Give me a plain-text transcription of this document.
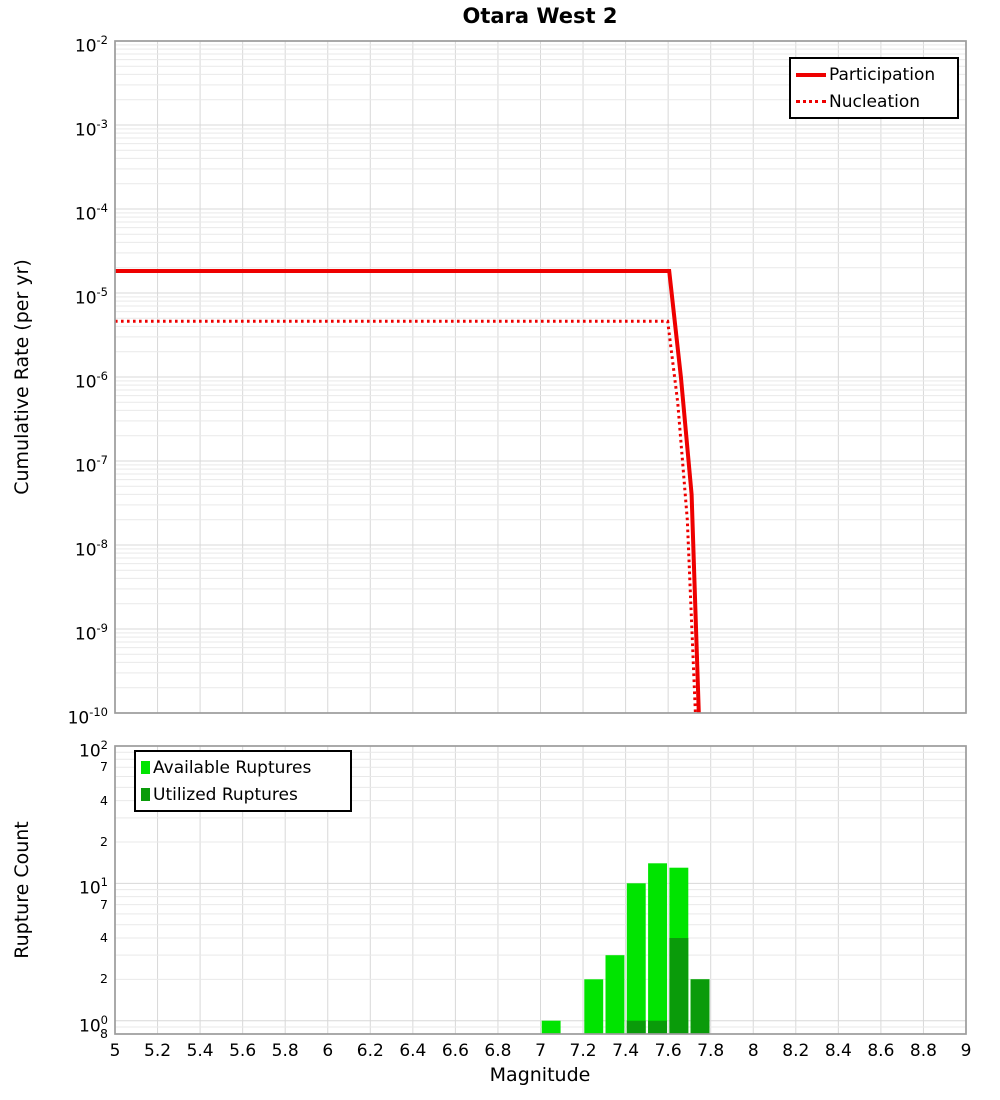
Otara West 2
Cumulative Rate (per yr)
Rupture Count
Magnitude
$10^{-2}$
$10^{-3}$
$10^{-4}$
$10^{-5}$
$10^{-6}$
$10^{-7}$
$10^{-8}$
$10^{-9}$
$10^{-10}$
$10^2$
$10^1$
$10^0$
7
4
2
7
4
2
8
5	5.2 5.4 5.6 5.8	6	6.2 6.4 6.6 6.8	7	7.2 7.4 7.6 7.8	8	8.2 8.4 8.6 8.8	9
Participation
Nucleation
Available Ruptures
Utilized Ruptures
